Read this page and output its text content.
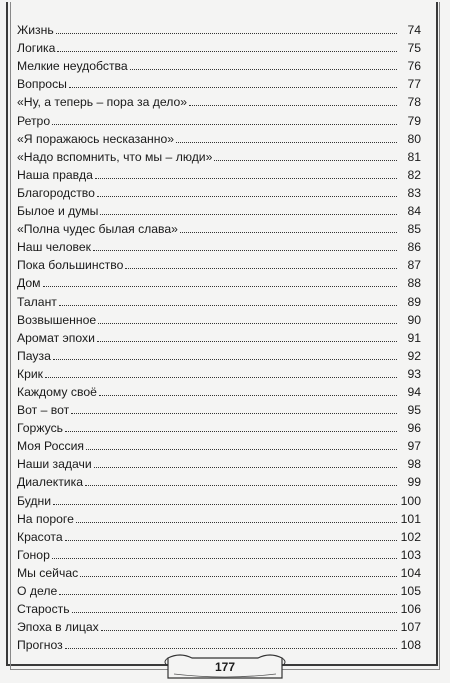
Жизнь	74
Логика	75
Мелкие неудобства	76
Вопросы	77
«Ну, а теперь – пора за дело»	78
Ретро	79
«Я поражаюсь несказанно»	80
«Надо вспомнить, что мы – люди»	81
Наша правда	82
Благородство	83
Былое и думы	84
«Полна чудес былая слава»	85
Наш человек	86
Пока большинство	87
Дом	88
Талант	89
Возвышенное	90
Аромат эпохи	91
Пауза	92
Крик	93
Каждому своё	94
Вот – вот	95
Горжусь	96
Моя Россия	97
Наши задачи	98
Диалектика	99
Будни	100
На пороге	101
Красота	102
Гонор	103
Мы сейчас	104
О деле	105
Старость	106
Эпоха в лицах	107
Прогноз	108
177
